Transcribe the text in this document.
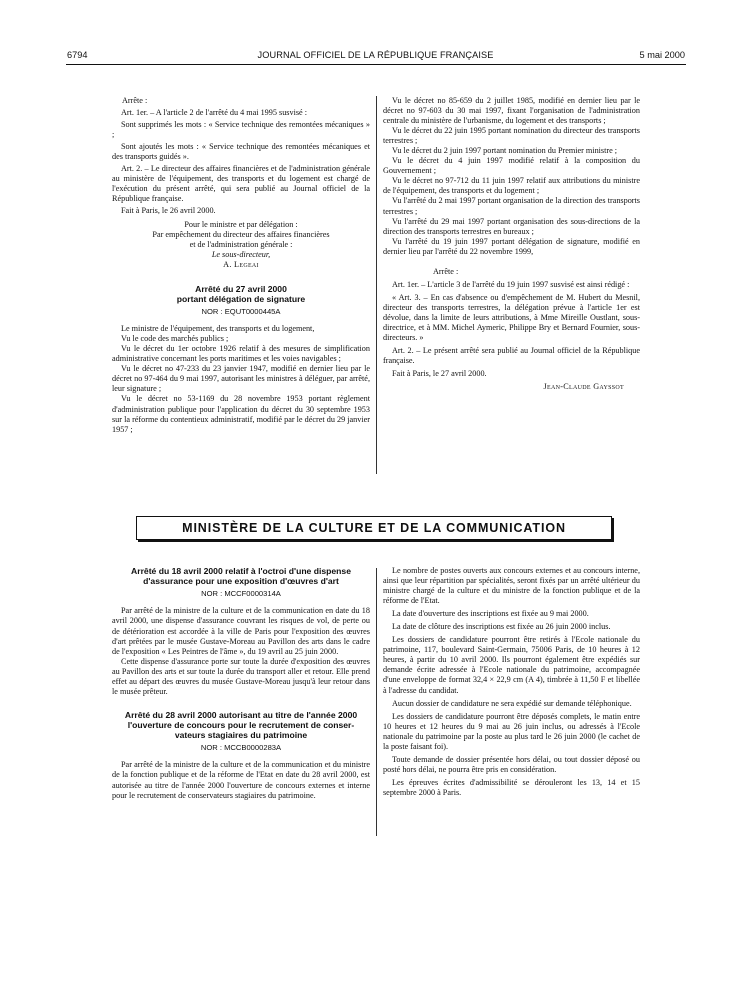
6794	JOURNAL OFFICIEL DE LA RÉPUBLIQUE FRANÇAISE	5 mai 2000

Arrête :

Art. 1er. – A l'article 2 de l'arrêté du 4 mai 1995 susvisé :

Sont supprimés les mots : « Service technique des remontées mécaniques » ;

Sont ajoutés les mots : « Service technique des remontées mécaniques et des transports guidés ».

Art. 2. – Le directeur des affaires financières et de l'administration générale au ministère de l'équipement, des transports et du logement est chargé de l'exécution du présent arrêté, qui sera publié au Journal officiel de la République française.

Fait à Paris, le 26 avril 2000.

Pour le ministre et par délégation :

Par empêchement du directeur des affaires financières

et de l'administration générale :

Le sous-directeur,

A. Legeai

Arrêté du 27 avril 2000
portant délégation de signature
NOR : EQUT0000445A

Le ministre de l'équipement, des transports et du logement,

Vu le code des marchés publics ;

Vu le décret du 1er octobre 1926 relatif à des mesures de simplification administrative concernant les ports maritimes et les voies navigables ;

Vu le décret no 47-233 du 23 janvier 1947, modifié en dernier lieu par le décret no 97-464 du 9 mai 1997, autorisant les ministres à déléguer, par arrêté, leur signature ;

Vu le décret no 53-1169 du 28 novembre 1953 portant règlement d'administration publique pour l'application du décret du 30 septembre 1953 sur la réforme du contentieux administratif, modifié par le décret du 29 janvier 1957 ;

Vu le décret no 85-659 du 2 juillet 1985, modifié en dernier lieu par le décret no 97-603 du 30 mai 1997, fixant l'organisation de l'administration centrale du ministère de l'urbanisme, du logement et des transports ;

Vu le décret du 22 juin 1995 portant nomination du directeur des transports terrestres ;

Vu le décret du 2 juin 1997 portant nomination du Premier ministre ;

Vu le décret du 4 juin 1997 modifié relatif à la composition du Gouvernement ;

Vu le décret no 97-712 du 11 juin 1997 relatif aux attributions du ministre de l'équipement, des transports et du logement ;

Vu l'arrêté du 2 mai 1997 portant organisation de la direction des transports terrestres ;

Vu l'arrêté du 29 mai 1997 portant organisation des sous-directions de la direction des transports terrestres en bureaux ;

Vu l'arrêté du 19 juin 1997 portant délégation de signature, modifié en dernier lieu par l'arrêté du 22 novembre 1999,

Arrête :

Art. 1er. – L'article 3 de l'arrêté du 19 juin 1997 susvisé est ainsi rédigé :

« Art. 3. – En cas d'absence ou d'empêchement de M. Hubert du Mesnil, directeur des transports terrestres, la délégation prévue à l'article 1er est dévolue, dans la limite de leurs attributions, à Mme Mireille Oustlant, sous-directrice, et à MM. Michel Aymeric, Philippe Bry et Bernard Fournier, sous-directeurs. »

Art. 2. – Le présent arrêté sera publié au Journal officiel de la République française.

Fait à Paris, le 27 avril 2000.

Jean-Claude Gayssot

MINISTÈRE DE LA CULTURE ET DE LA COMMUNICATION
Arrêté du 18 avril 2000 relatif à l'octroi d'une dispense
d'assurance pour une exposition d'œuvres d'art
NOR : MCCF0000314A

Par arrêté de la ministre de la culture et de la communication en date du 18 avril 2000, une dispense d'assurance couvrant les risques de vol, de perte ou de détérioration est accordée à la ville de Paris pour l'exposition des œuvres d'art prêtées par le musée Gustave-Moreau au Pavillon des arts dans le cadre de l'exposition « Les Peintres de l'âme », du 19 avril au 25 juin 2000.

Cette dispense d'assurance porte sur toute la durée d'exposition des œuvres au Pavillon des arts et sur toute la durée du transport aller et retour. Elle prend effet au départ des œuvres du musée Gustave-Moreau jusqu'à leur retour dans le musée prêteur.

Arrêté du 28 avril 2000 autorisant au titre de l'année 2000
l'ouverture de concours pour le recrutement de conser-
vateurs stagiaires du patrimoine
NOR : MCCB0000283A

Par arrêté de la ministre de la culture et de la communication et du ministre de la fonction publique et de la réforme de l'Etat en date du 28 avril 2000, est autorisée au titre de l'année 2000 l'ouverture de concours externes et interne pour le recrutement de conservateurs stagiaires du patrimoine.

Le nombre de postes ouverts aux concours externes et au concours interne, ainsi que leur répartition par spécialités, seront fixés par un arrêté ultérieur du ministre chargé de la culture et du ministre de la fonction publique et de la réforme de l'Etat.

La date d'ouverture des inscriptions est fixée au 9 mai 2000.

La date de clôture des inscriptions est fixée au 26 juin 2000 inclus.

Les dossiers de candidature pourront être retirés à l'Ecole nationale du patrimoine, 117, boulevard Saint-Germain, 75006 Paris, de 10 heures à 12 heures, à partir du 10 avril 2000. Ils pourront également être expédiés sur demande écrite adressée à l'Ecole nationale du patrimoine, accompagnée d'une enveloppe de format 32,4 × 22,9 cm (A 4), timbrée à 11,50 F et libellée à l'adresse du candidat.

Aucun dossier de candidature ne sera expédié sur demande téléphonique.

Les dossiers de candidature pourront être déposés complets, le matin entre 10 heures et 12 heures du 9 mai au 26 juin inclus, ou adressés à l'Ecole nationale du patrimoine par la poste au plus tard le 26 juin 2000 (le cachet de la poste faisant foi).

Toute demande de dossier présentée hors délai, ou tout dossier déposé ou posté hors délai, ne pourra être pris en considération.

Les épreuves écrites d'admissibilité se dérouleront les 13, 14 et 15 septembre 2000 à Paris.
